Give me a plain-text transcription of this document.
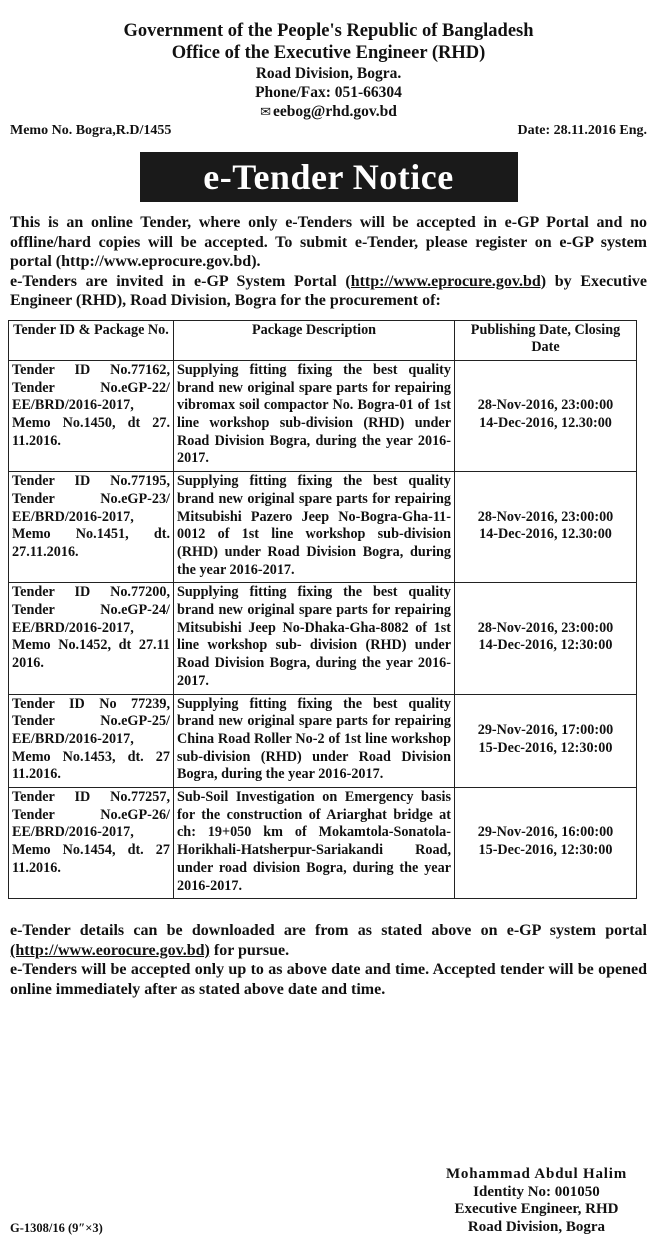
Government of the People's Republic of Bangladesh
Office of the Executive Engineer (RHD)
Road Division, Bogra.
Phone/Fax: 051-66304
✉ eebog@rhd.gov.bd
Memo No. Bogra,R.D/1455	Date: 28.11.2016 Eng.
e-Tender Notice

This is an online Tender, where only e-Tenders will be accepted in e-GP Portal and no offline/hard copies will be accepted. To submit e-Tender, please register on e-GP system portal (http://www.eprocure.gov.bd).

e-Tenders are invited in e-GP System Portal (http://www.eprocure.gov.bd) by Executive Engineer (RHD), Road Division, Bogra for the procurement of:

Tender ID & Package No.	Package Description	Publishing Date, Closing Date
Tender ID No.77162, Tender No.eGP-22/ EE/BRD/2016-2017, Memo No.1450, dt 27. 11.2016.	Supplying fitting fixing the best quality brand new original spare parts for repairing vibromax soil compactor No. Bogra-01 of 1st line workshop sub-division (RHD) under Road Division Bogra, during the year 2016-2017.	28-Nov-2016, 23:00:00
14-Dec-2016, 12.30:00

Tender ID No.77195, Tender No.eGP-23/ EE/BRD/2016-2017, Memo No.1451, dt. 27.11.2016.	Supplying fitting fixing the best quality brand new original spare parts for repairing Mitsubishi Pazero Jeep No-Bogra-Gha-11-0012 of 1st line workshop sub-division (RHD) under Road Division Bogra, during the year 2016-2017.	28-Nov-2016, 23:00:00
14-Dec-2016, 12.30:00

Tender ID No.77200, Tender No.eGP-24/ EE/BRD/2016-2017, Memo No.1452, dt 27.11 2016.	Supplying fitting fixing the best quality brand new original spare parts for repairing Mitsubishi Jeep No-Dhaka-Gha-8082 of 1st line workshop sub- division (RHD) under Road Division Bogra, during the year 2016-2017.	28-Nov-2016, 23:00:00
14-Dec-2016, 12:30:00

Tender ID No 77239, Tender No.eGP-25/ EE/BRD/2016-2017, Memo No.1453, dt. 27 11.2016.	Supplying fitting fixing the best quality brand new original spare parts for repairing China Road Roller No-2 of 1st line workshop sub-division (RHD) under Road Division Bogra, during the year 2016-2017.	29-Nov-2016, 17:00:00
15-Dec-2016, 12:30:00

Tender ID No.77257, Tender No.eGP-26/ EE/BRD/2016-2017, Memo No.1454, dt. 27 11.2016.	Sub-Soil Investigation on Emergency basis for the construction of Ariarghat bridge at ch: 19+050 km of Mokamtola-Sonatola-Horikhali-Hatsherpur-Sariakandi Road, under road division Bogra, during the year 2016-2017.	29-Nov-2016, 16:00:00
15-Dec-2016, 12:30:00

e-Tender details can be downloaded are from as stated above on e-GP system portal (http://www.eorocure.gov.bd) for pursue.

e-Tenders will be accepted only up to as above date and time. Accepted tender will be opened online immediately after as stated above date and time.

Mohammad Abdul Halim
Identity No: 001050
Executive Engineer, RHD
Road Division, Bogra
G-1308/16 (9″×3)
